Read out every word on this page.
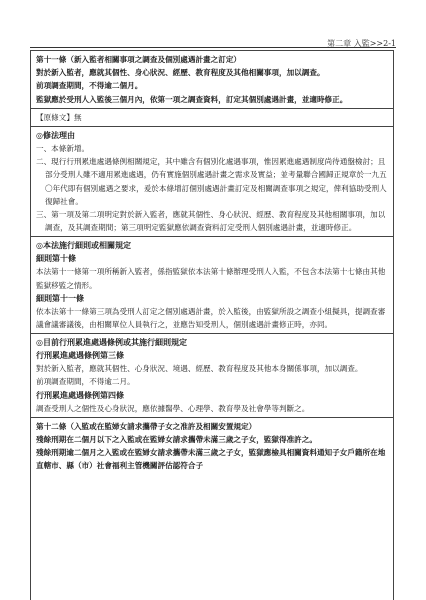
第二章 入監>>2-1

第十一條（新入監者相關事項之調查及個別處遇計畫之訂定）

對於新入監者，應就其個性、身心狀況、經歷、教育程度及其他相關事項，加以調查。

前項調查期間，不得逾二個月。

監獄應於受刑人入監後三個月內，依第一項之調查資料，訂定其個別處遇計畫，並適時修正。

【原條文】無

◎修法理由

一、本條新增。

二、現行行刑累進處遇條例相關規定，其中雖含有個別化處遇事項，惟因累進處遇制度尚待通盤檢討；且部分受刑人雖不適用累進處遇，仍有實施個別處遇計畫之需求及實益；並考量聯合國歸正規章於一九五〇年代即有個別處遇之要求，爰於本條增訂個別處遇計畫訂定及相關調查事項之規定，俾利協助受刑人復歸社會。

三、第一項及第二項明定對於新入監者，應就其個性、身心狀況、經歷、教育程度及其他相關事項，加以調查，及其調查期間；第三項明定監獄應依調查資料訂定受刑人個別處遇計畫，並適時修正。

◎本法施行細則或相關規定

細則第十條

本法第十一條第一項所稱新入監者，係指監獄依本法第十條辦理受刑人入監，不包含本法第十七條由其他監獄移監之情形。

細則第十一條

依本法第十一條第三項為受刑人訂定之個別處遇計畫，於入監後，由監獄所設之調查小組擬具，提調查審議會議審議後，由相關單位人員執行之，並應告知受刑人，個別處遇計畫修正時，亦同。

◎目前行刑累進處遇條例或其施行細則規定

行刑累進處遇條例第三條

對於新入監者，應就其個性、心身狀況、境遇、經歷、教育程度及其他本身關係事項，加以調查。

前項調查期間，不得逾二月。

行刑累進處遇條例第四條

調查受刑人之個性及心身狀況，應依據醫學、心理學、教育學及社會學等判斷之。

第十二條（入監或在監婦女請求攜帶子女之准許及相關安置規定）

殘餘刑期在二個月以下之入監或在監婦女請求攜帶未滿三歲之子女，監獄得准許之。

殘餘刑期逾二個月之入監或在監婦女請求攜帶未滿三歲之子女，監獄應檢具相關資料通知子女戶籍所在地直轄市、縣（市）社會福利主管機關評估認符合子
